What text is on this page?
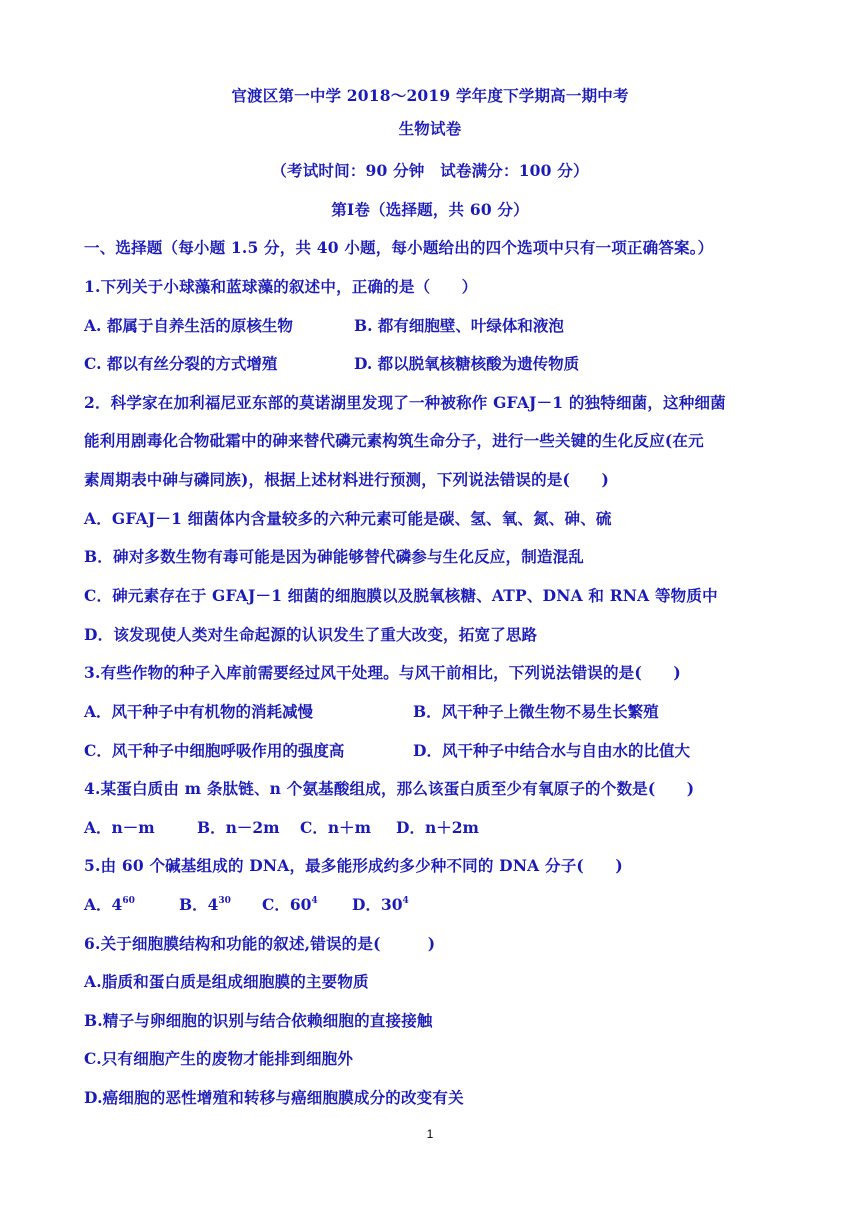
官渡区第一中学 2018～2019 学年度下学期高一期中考
生物试卷
（考试时间：90 分钟　试卷满分：100 分）
第Ⅰ卷（选择题，共 60 分）
一、选择题（每小题 1.5 分，共 40 小题，每小题给出的四个选项中只有一项正确答案。）
1.下列关于小球藻和蓝球藻的叙述中，正确的是（　　）
A. 都属于自养生活的原核生物	B. 都有细胞壁、叶绿体和液泡
C. 都以有丝分裂的方式增殖	D. 都以脱氧核糖核酸为遗传物质
2．科学家在加利福尼亚东部的莫诺湖里发现了一种被称作 GFAJ－1 的独特细菌，这种细菌
能利用剧毒化合物砒霜中的砷来替代磷元素构筑生命分子，进行一些关键的生化反应(在元
素周期表中砷与磷同族)，根据上述材料进行预测，下列说法错误的是(　　)
A．GFAJ－1 细菌体内含量较多的六种元素可能是碳、氢、氧、氮、砷、硫
B．砷对多数生物有毒可能是因为砷能够替代磷参与生化反应，制造混乱
C．砷元素存在于 GFAJ－1 细菌的细胞膜以及脱氧核糖、ATP、DNA 和 RNA 等物质中
D．该发现使人类对生命起源的认识发生了重大改变，拓宽了思路
3.有些作物的种子入库前需要经过风干处理。与风干前相比，下列说法错误的是(　　)
A．风干种子中有机物的消耗减慢	B．风干种子上微生物不易生长繁殖
C．风干种子中细胞呼吸作用的强度高	D．风干种子中结合水与自由水的比值大
4.某蛋白质由 m 条肽链、n 个氨基酸组成，那么该蛋白质至少有氧原子的个数是(　　)
A．n－m	B．n－2m C．n＋m D．n＋2m
5.由 60 个碱基组成的 DNA，最多能形成约多少种不同的 DNA 分子(　　)
A．$4^{60}$	B．$4^{30}$ C．$60^4$ D．$30^4$
6.关于细胞膜结构和功能的叙述,错误的是(　　　)
A.脂质和蛋白质是组成细胞膜的主要物质
B.精子与卵细胞的识别与结合依赖细胞的直接接触
C.只有细胞产生的废物才能排到细胞外
D.癌细胞的恶性增殖和转移与癌细胞膜成分的改变有关
1
